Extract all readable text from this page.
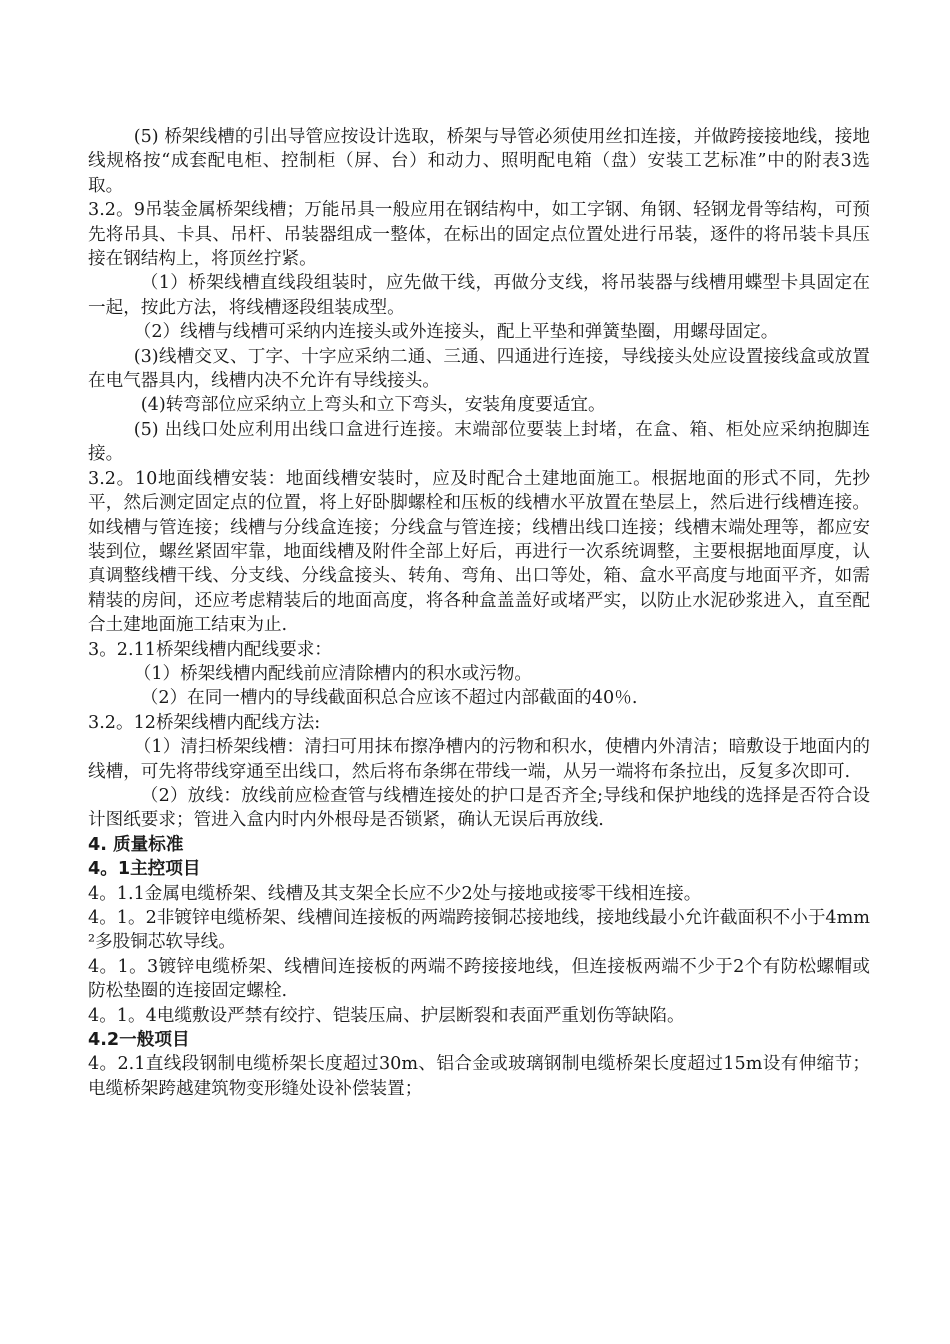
(5) 桥架线槽的引出导管应按设计选取，桥架与导管必须使用丝扣连接，并做跨接接地线，接地线规格按“成套配电柜、控制柜（屏、台）和动力、照明配电箱（盘）安装工艺标准”中的附表3选取。

3.2。9吊装金属桥架线槽；万能吊具一般应用在钢结构中，如工字钢、角钢、轻钢龙骨等结构，可预先将吊具、卡具、吊杆、吊装器组成一整体，在标出的固定点位置处进行吊装，逐件的将吊装卡具压接在钢结构上，将顶丝拧紧。

（1）桥架线槽直线段组装时，应先做干线，再做分支线，将吊装器与线槽用蝶型卡具固定在一起，按此方法，将线槽逐段组装成型。

（2）线槽与线槽可采纳内连接头或外连接头，配上平垫和弹簧垫圈，用螺母固定。

(3)线槽交叉、丁字、十字应采纳二通、三通、四通进行连接，导线接头处应设置接线盒或放置在电气器具内，线槽内决不允许有导线接头。

(4)转弯部位应采纳立上弯头和立下弯头，安装角度要适宜。

(5) 出线口处应利用出线口盒进行连接。末端部位要装上封堵，在盒、箱、柜处应采纳抱脚连接。

3.2。10地面线槽安装：地面线槽安装时，应及时配合土建地面施工。根据地面的形式不同，先抄平，然后测定固定点的位置，将上好卧脚螺栓和压板的线槽水平放置在垫层上，然后进行线槽连接。如线槽与管连接；线槽与分线盒连接；分线盒与管连接；线槽出线口连接；线槽末端处理等，都应安装到位，螺丝紧固牢靠，地面线槽及附件全部上好后，再进行一次系统调整，主要根据地面厚度，认真调整线槽干线、分支线、分线盒接头、转角、弯角、出口等处，箱、盒水平高度与地面平齐，如需精装的房间，还应考虑精装后的地面高度，将各种盒盖盖好或堵严实，以防止水泥砂浆进入，直至配合土建地面施工结束为止.

3。2.11桥架线槽内配线要求：

（1）桥架线槽内配线前应清除槽内的积水或污物。

（2）在同一槽内的导线截面积总合应该不超过内部截面的40％.

3.2。12桥架线槽内配线方法:

（1）清扫桥架线槽：清扫可用抹布擦净槽内的污物和积水，使槽内外清洁；暗敷设于地面内的线槽，可先将带线穿通至出线口，然后将布条绑在带线一端，从另一端将布条拉出，反复多次即可.

（2）放线：放线前应检查管与线槽连接处的护口是否齐全;导线和保护地线的选择是否符合设计图纸要求；管进入盒内时内外根母是否锁紧，确认无误后再放线.

4. 质量标准
4。1主控项目

4。1.1金属电缆桥架、线槽及其支架全长应不少2处与接地或接零干线相连接。

4。1。2非镀锌电缆桥架、线槽间连接板的两端跨接铜芯接地线，接地线最小允许截面积不小于4mm²多股铜芯软导线。

4。1。3镀锌电缆桥架、线槽间连接板的两端不跨接接地线，但连接板两端不少于2个有防松螺帽或防松垫圈的连接固定螺栓.

4。1。4电缆敷设严禁有绞拧、铠装压扁、护层断裂和表面严重划伤等缺陷。

4.2一般项目

4。2.1直线段钢制电缆桥架长度超过30m、铝合金或玻璃钢制电缆桥架长度超过15m设有伸缩节；电缆桥架跨越建筑物变形缝处设补偿装置；
